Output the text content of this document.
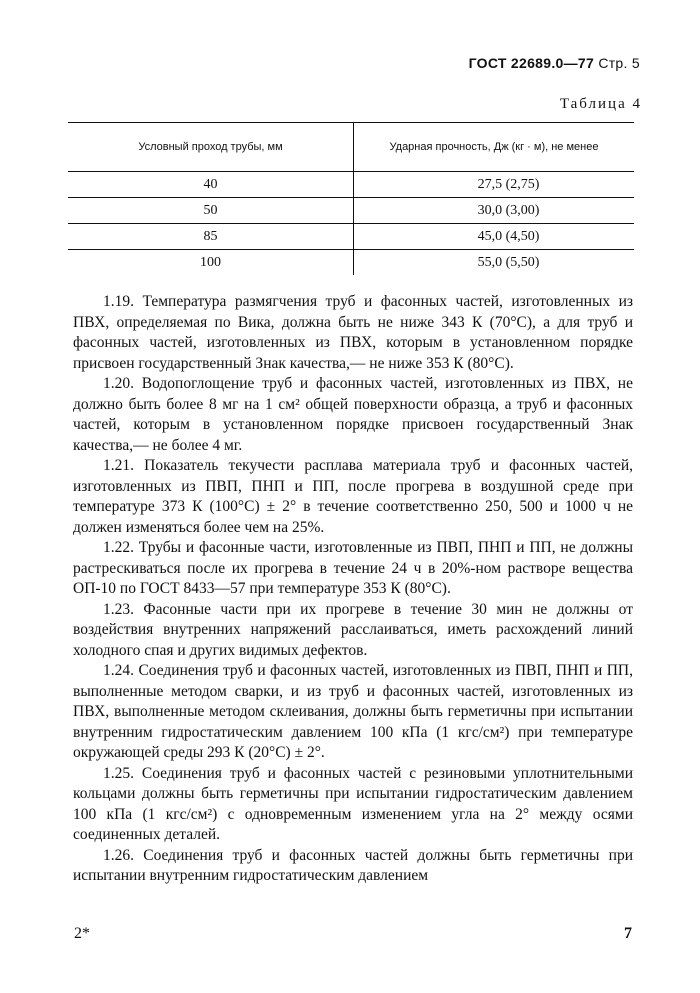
ГОСТ 22689.0—77 Стр. 5
Таблица 4
Условный проход трубы, мм	Ударная прочность, Дж (кг · м), не менее
40	27,5 (2,75)
50	30,0 (3,00)
85	45,0 (4,50)
100	55,0 (5,50)

1.19. Температура размягчения труб и фасонных частей, изготовленных из ПВХ, определяемая по Вика, должна быть не ниже 343 К (70°С), а для труб и фасонных частей, изготовленных из ПВХ, которым в установленном порядке присвоен государственный Знак качества,— не ниже 353 К (80°С).

1.20. Водопоглощение труб и фасонных частей, изготовленных из ПВХ, не должно быть более 8 мг на 1 см² общей поверхности образца, а труб и фасонных частей, которым в установленном порядке присвоен государственный Знак качества,— не более 4 мг.

1.21. Показатель текучести расплава материала труб и фасонных частей, изготовленных из ПВП, ПНП и ПП, после прогрева в воздушной среде при температуре 373 К (100°С) ± 2° в течение соответственно 250, 500 и 1000 ч не должен изменяться более чем на 25%.

1.22. Трубы и фасонные части, изготовленные из ПВП, ПНП и ПП, не должны растрескиваться после их прогрева в течение 24 ч в 20%-ном растворе вещества ОП-10 по ГОСТ 8433—57 при температуре 353 К (80°С).

1.23. Фасонные части при их прогреве в течение 30 мин не должны от воздействия внутренних напряжений расслаиваться, иметь расхождений линий холодного спая и других видимых дефектов.

1.24. Соединения труб и фасонных частей, изготовленных из ПВП, ПНП и ПП, выполненные методом сварки, и из труб и фасонных частей, изготовленных из ПВХ, выполненные методом склеивания, должны быть герметичны при испытании внутренним гидростатическим давлением 100 кПа (1 кгс/см²) при температуре окружающей среды 293 К (20°С) ± 2°.

1.25. Соединения труб и фасонных частей с резиновыми уплотнительными кольцами должны быть герметичны при испытании гидростатическим давлением 100 кПа (1 кгс/см²) с одновременным изменением угла на 2° между осями соединенных деталей.

1.26. Соединения труб и фасонных частей должны быть герметичны при испытании внутренним гидростатическим давлением

2*	7
